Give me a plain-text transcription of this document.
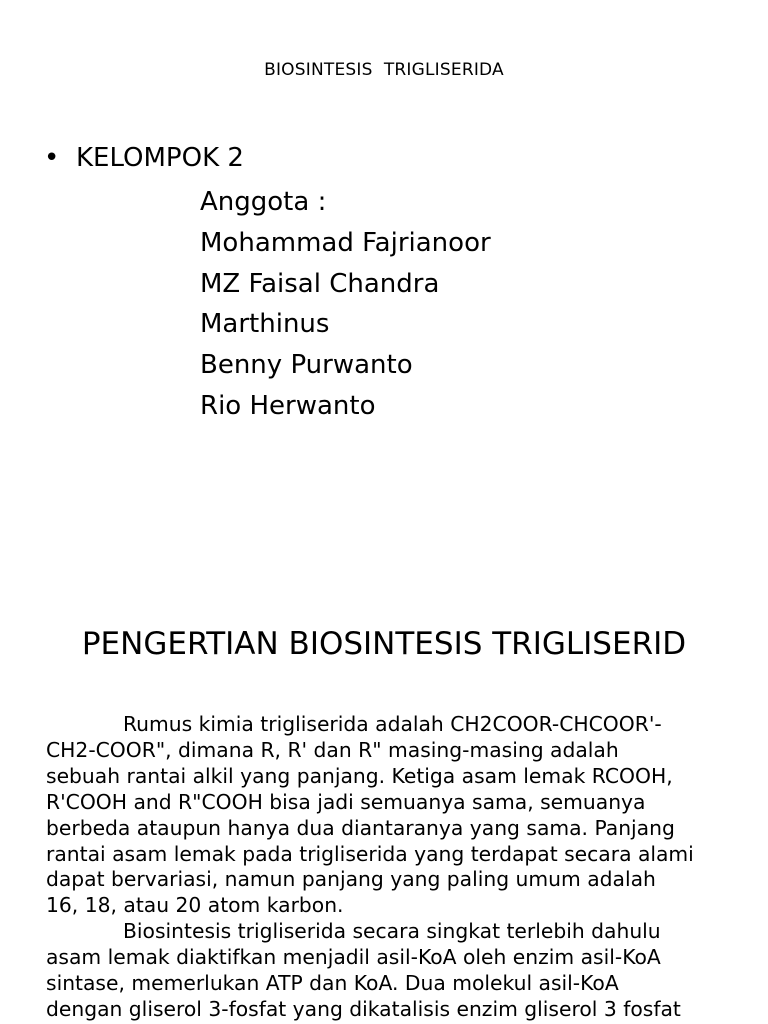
BIOSINTESIS  TRIGLISERIDA
• KELOMPOK 2
Anggota :
Mohammad Fajrianoor
MZ Faisal Chandra
Marthinus
Benny Purwanto
Rio Herwanto
PENGERTIAN BIOSINTESIS TRIGLISERID

Rumus kimia trigliserida adalah CH2COOR-CHCOOR'-
CH2-COOR", dimana R, R' dan R" masing-masing adalah
sebuah rantai alkil yang panjang. Ketiga asam lemak RCOOH,
R'COOH and R"COOH bisa jadi semuanya sama, semuanya
berbeda ataupun hanya dua diantaranya yang sama. Panjang
rantai asam lemak pada trigliserida yang terdapat secara alami
dapat bervariasi, namun panjang yang paling umum adalah
16, 18, atau 20 atom karbon.

Biosintesis trigliserida secara singkat terlebih dahulu
asam lemak diaktifkan menjadil asil-KoA oleh enzim asil-KoA
sintase, memerlukan ATP dan KoA. Dua molekul asil-KoA
dengan gliserol 3-fosfat yang dikatalisis enzim gliserol 3 fosfat
